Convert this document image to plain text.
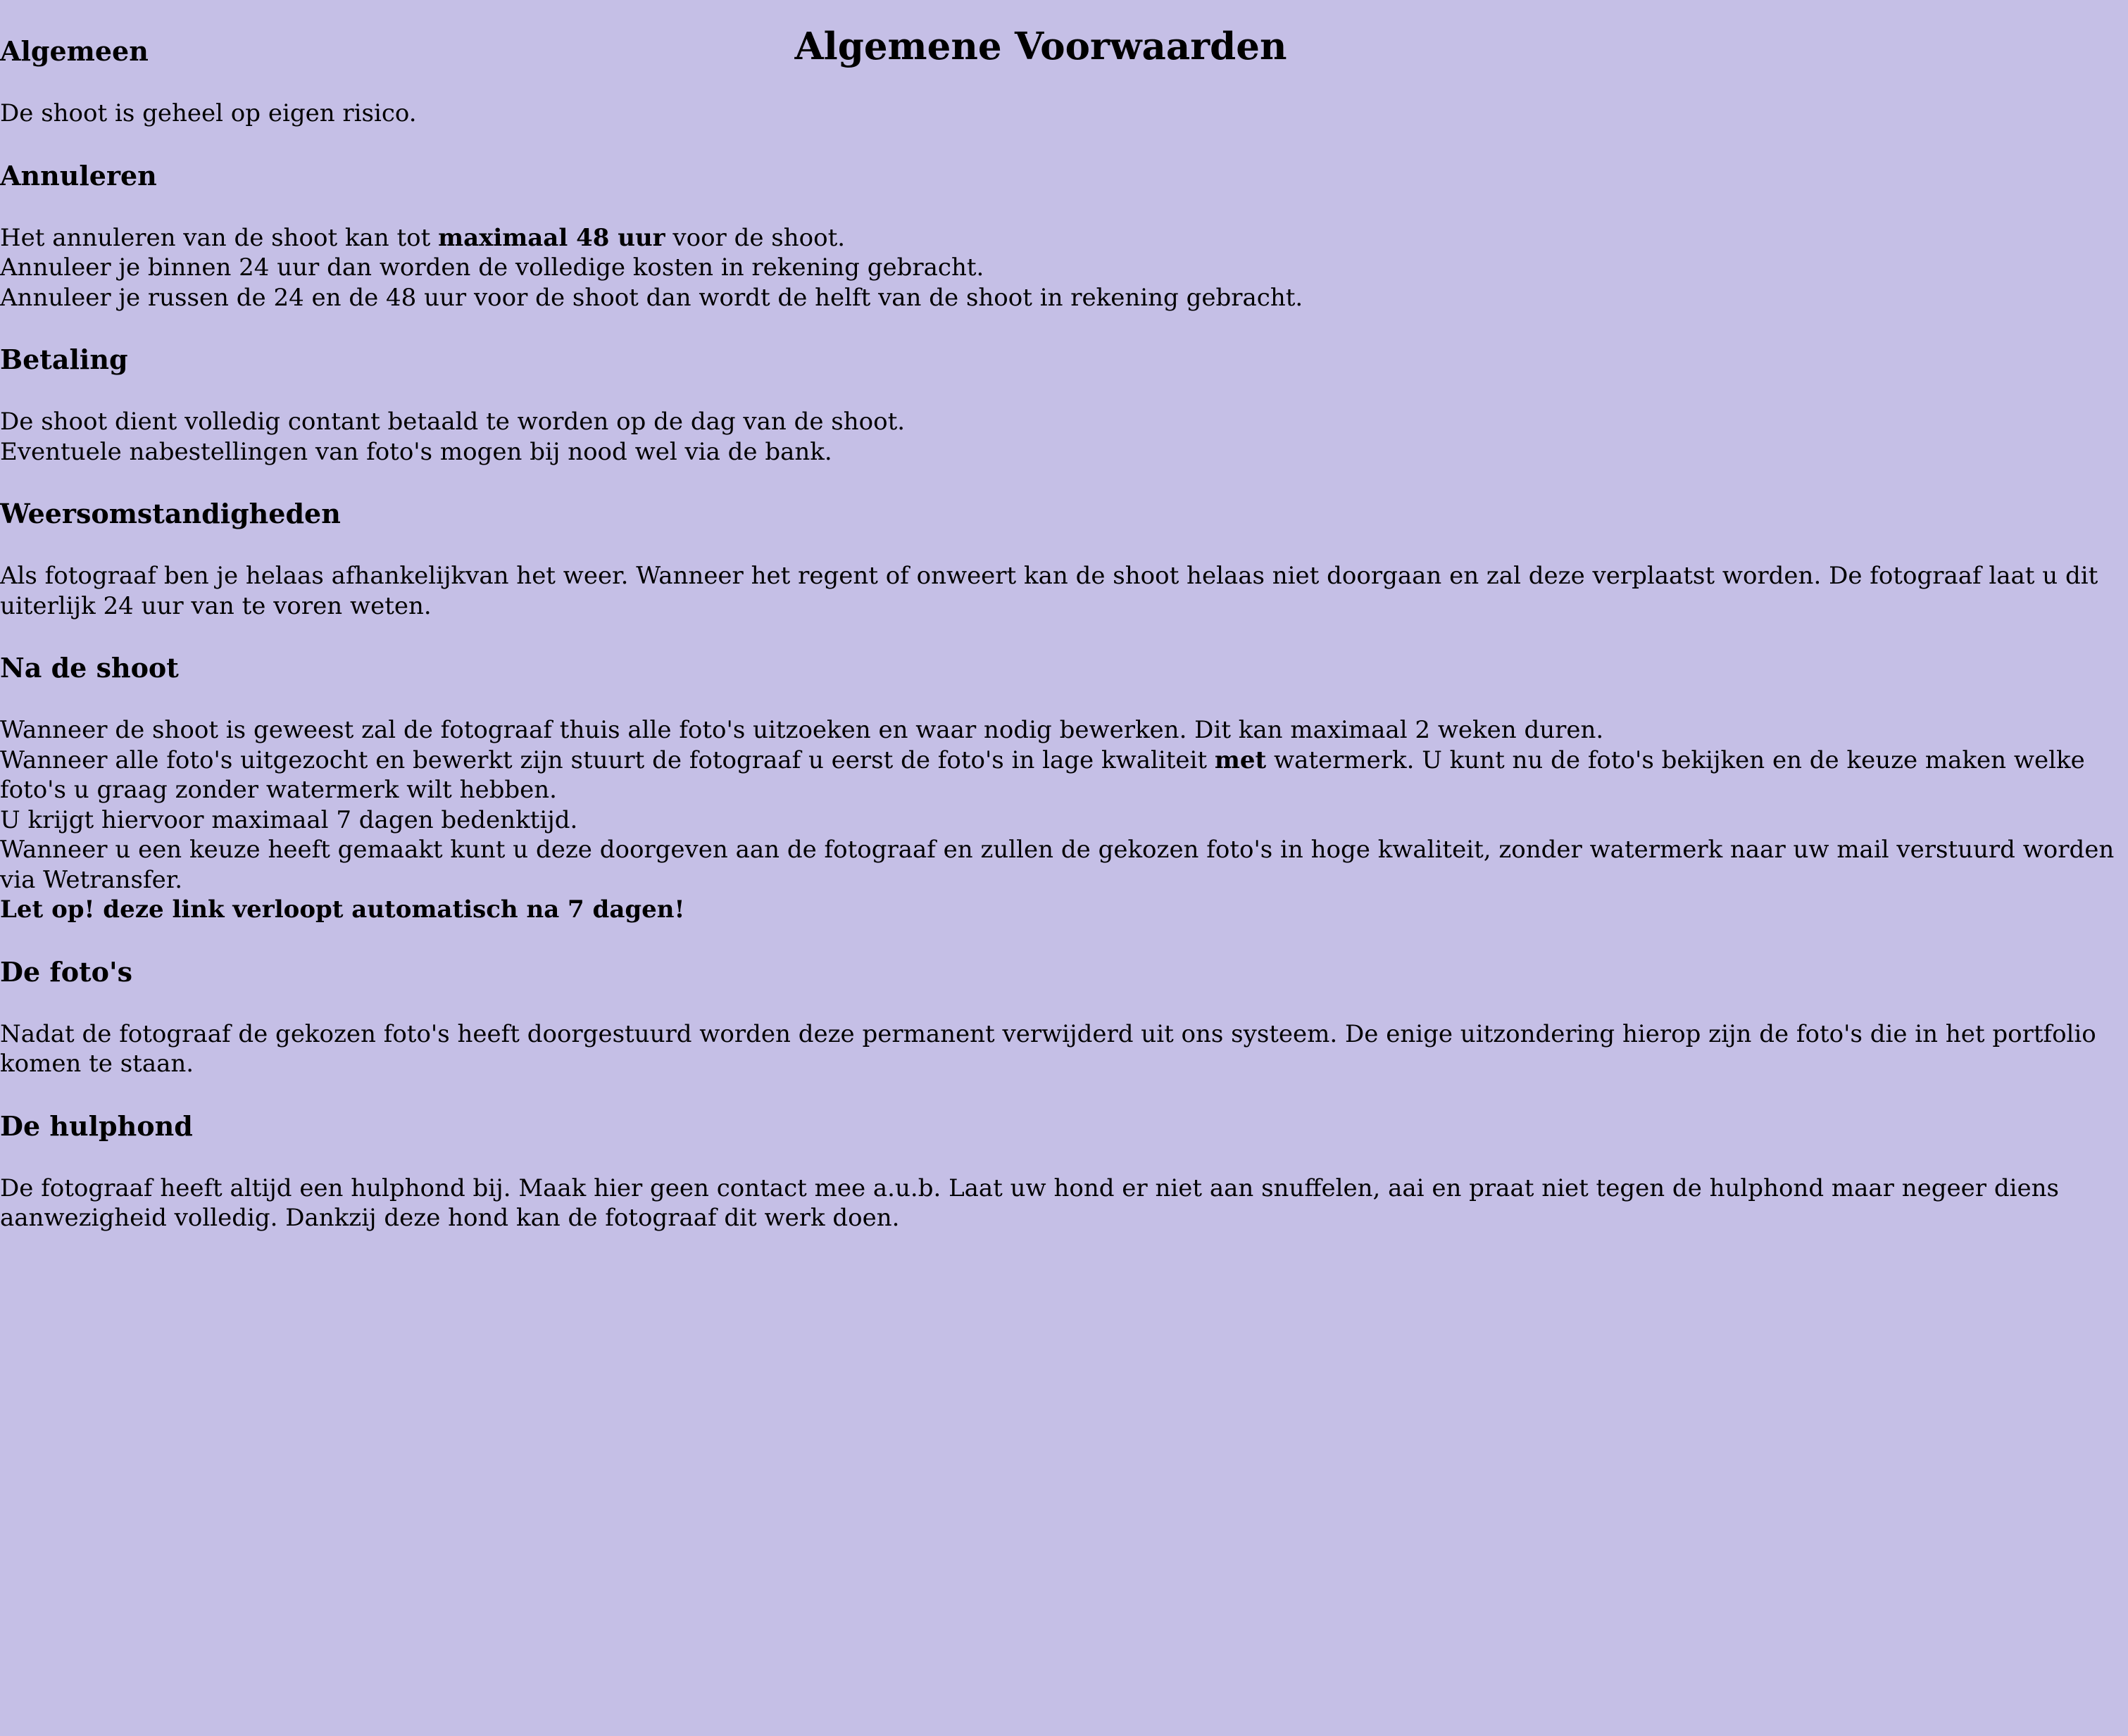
Algemene Voorwaarden
Algemeen

De shoot is geheel op eigen risico.

Annuleren

Het annuleren van de shoot kan tot maximaal 48 uur voor de shoot.

Annuleer je binnen 24 uur dan worden de volledige kosten in rekening gebracht.

Annuleer je russen de 24 en de 48 uur voor de shoot dan wordt de helft van de shoot in rekening gebracht.

Betaling

De shoot dient volledig contant betaald te worden op de dag van de shoot.

Eventuele nabestellingen van foto's mogen bij nood wel via de bank.

Weersomstandigheden

Als fotograaf ben je helaas afhankelijkvan het weer. Wanneer het regent of onweert kan de shoot helaas niet doorgaan en zal deze verplaatst worden. De fotograaf laat u dit uiterlijk 24 uur van te voren weten.

Na de shoot

Wanneer de shoot is geweest zal de fotograaf thuis alle foto's uitzoeken en waar nodig bewerken. Dit kan maximaal 2 weken duren.

Wanneer alle foto's uitgezocht en bewerkt zijn stuurt de fotograaf u eerst de foto's in lage kwaliteit met watermerk. U kunt nu de foto's bekijken en de keuze maken welke foto's u graag zonder watermerk wilt hebben.

U krijgt hiervoor maximaal 7 dagen bedenktijd.

Wanneer u een keuze heeft gemaakt kunt u deze doorgeven aan de fotograaf en zullen de gekozen foto's in hoge kwaliteit, zonder watermerk naar uw mail verstuurd worden via Wetransfer.

Let op! deze link verloopt automatisch na 7 dagen!

De foto's

Nadat de fotograaf de gekozen foto's heeft doorgestuurd worden deze permanent verwijderd uit ons systeem. De enige uitzondering hierop zijn de foto's die in het portfolio komen te staan.

De hulphond

De fotograaf heeft altijd een hulphond bij. Maak hier geen contact mee a.u.b. Laat uw hond er niet aan snuffelen, aai en praat niet tegen de hulphond maar negeer diens aanwezigheid volledig. Dankzij deze hond kan de fotograaf dit werk doen.
